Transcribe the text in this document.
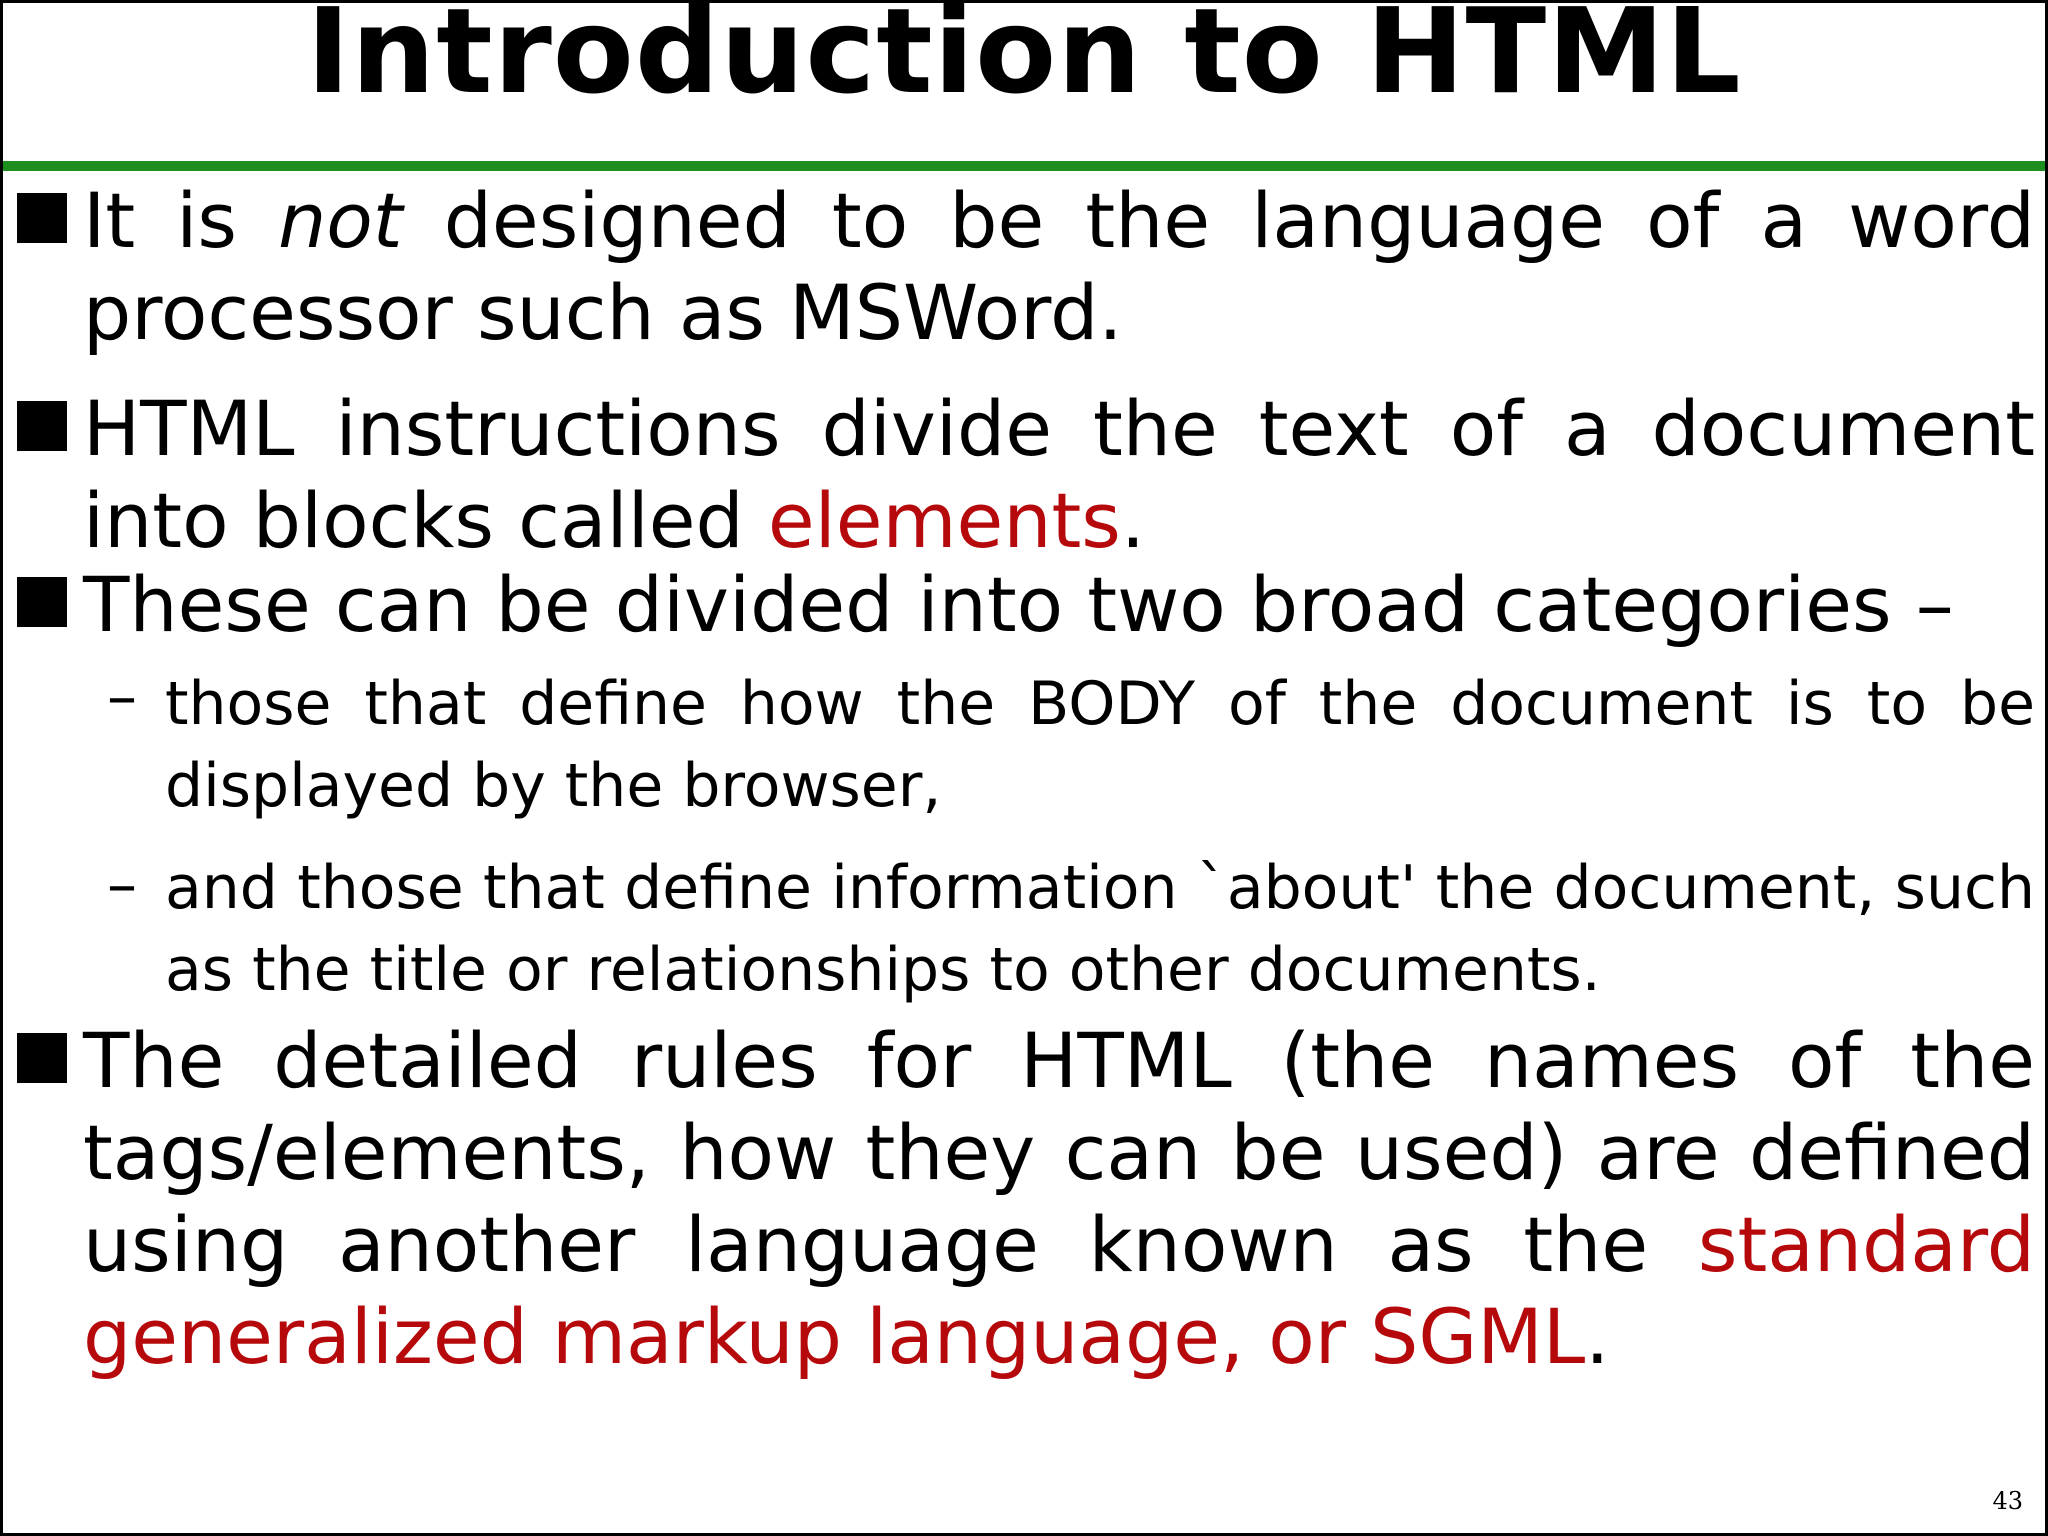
Introduction to HTML
It is not designed to be the language of a word processor such as MSWord.
HTML instructions divide the text of a document into blocks called elements.
These can be divided into two broad categories –
– those that define how the BODY of the document is to be displayed by the browser,
– and those that define information `about' the document, such as the title or relationships to other documents.
The detailed rules for HTML (the names of the tags/elements, how they can be used) are defined using another language known as the standard generalized markup language, or SGML.
43
